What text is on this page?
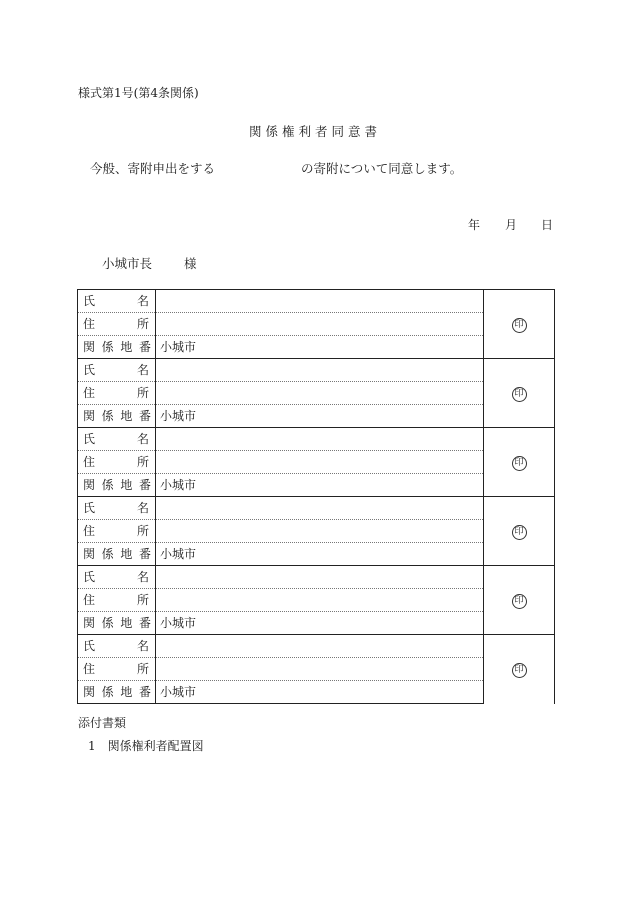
様式第1号(第4条関係)
関係権利者同意書
今般、寄附申出をする	の寄附について同意します。
年 月 日
小城市長	様
氏 名		印

住 所		

関 係 地 番	小城市	

氏 名		印

住 所		

関 係 地 番	小城市	

氏 名		印

住 所		

関 係 地 番	小城市	

氏 名		印

住 所		

関 係 地 番	小城市	

氏 名		印

住 所		

関 係 地 番	小城市	

氏 名		印

住 所		

関 係 地 番	小城市	
添付書類
1 関係権利者配置図
